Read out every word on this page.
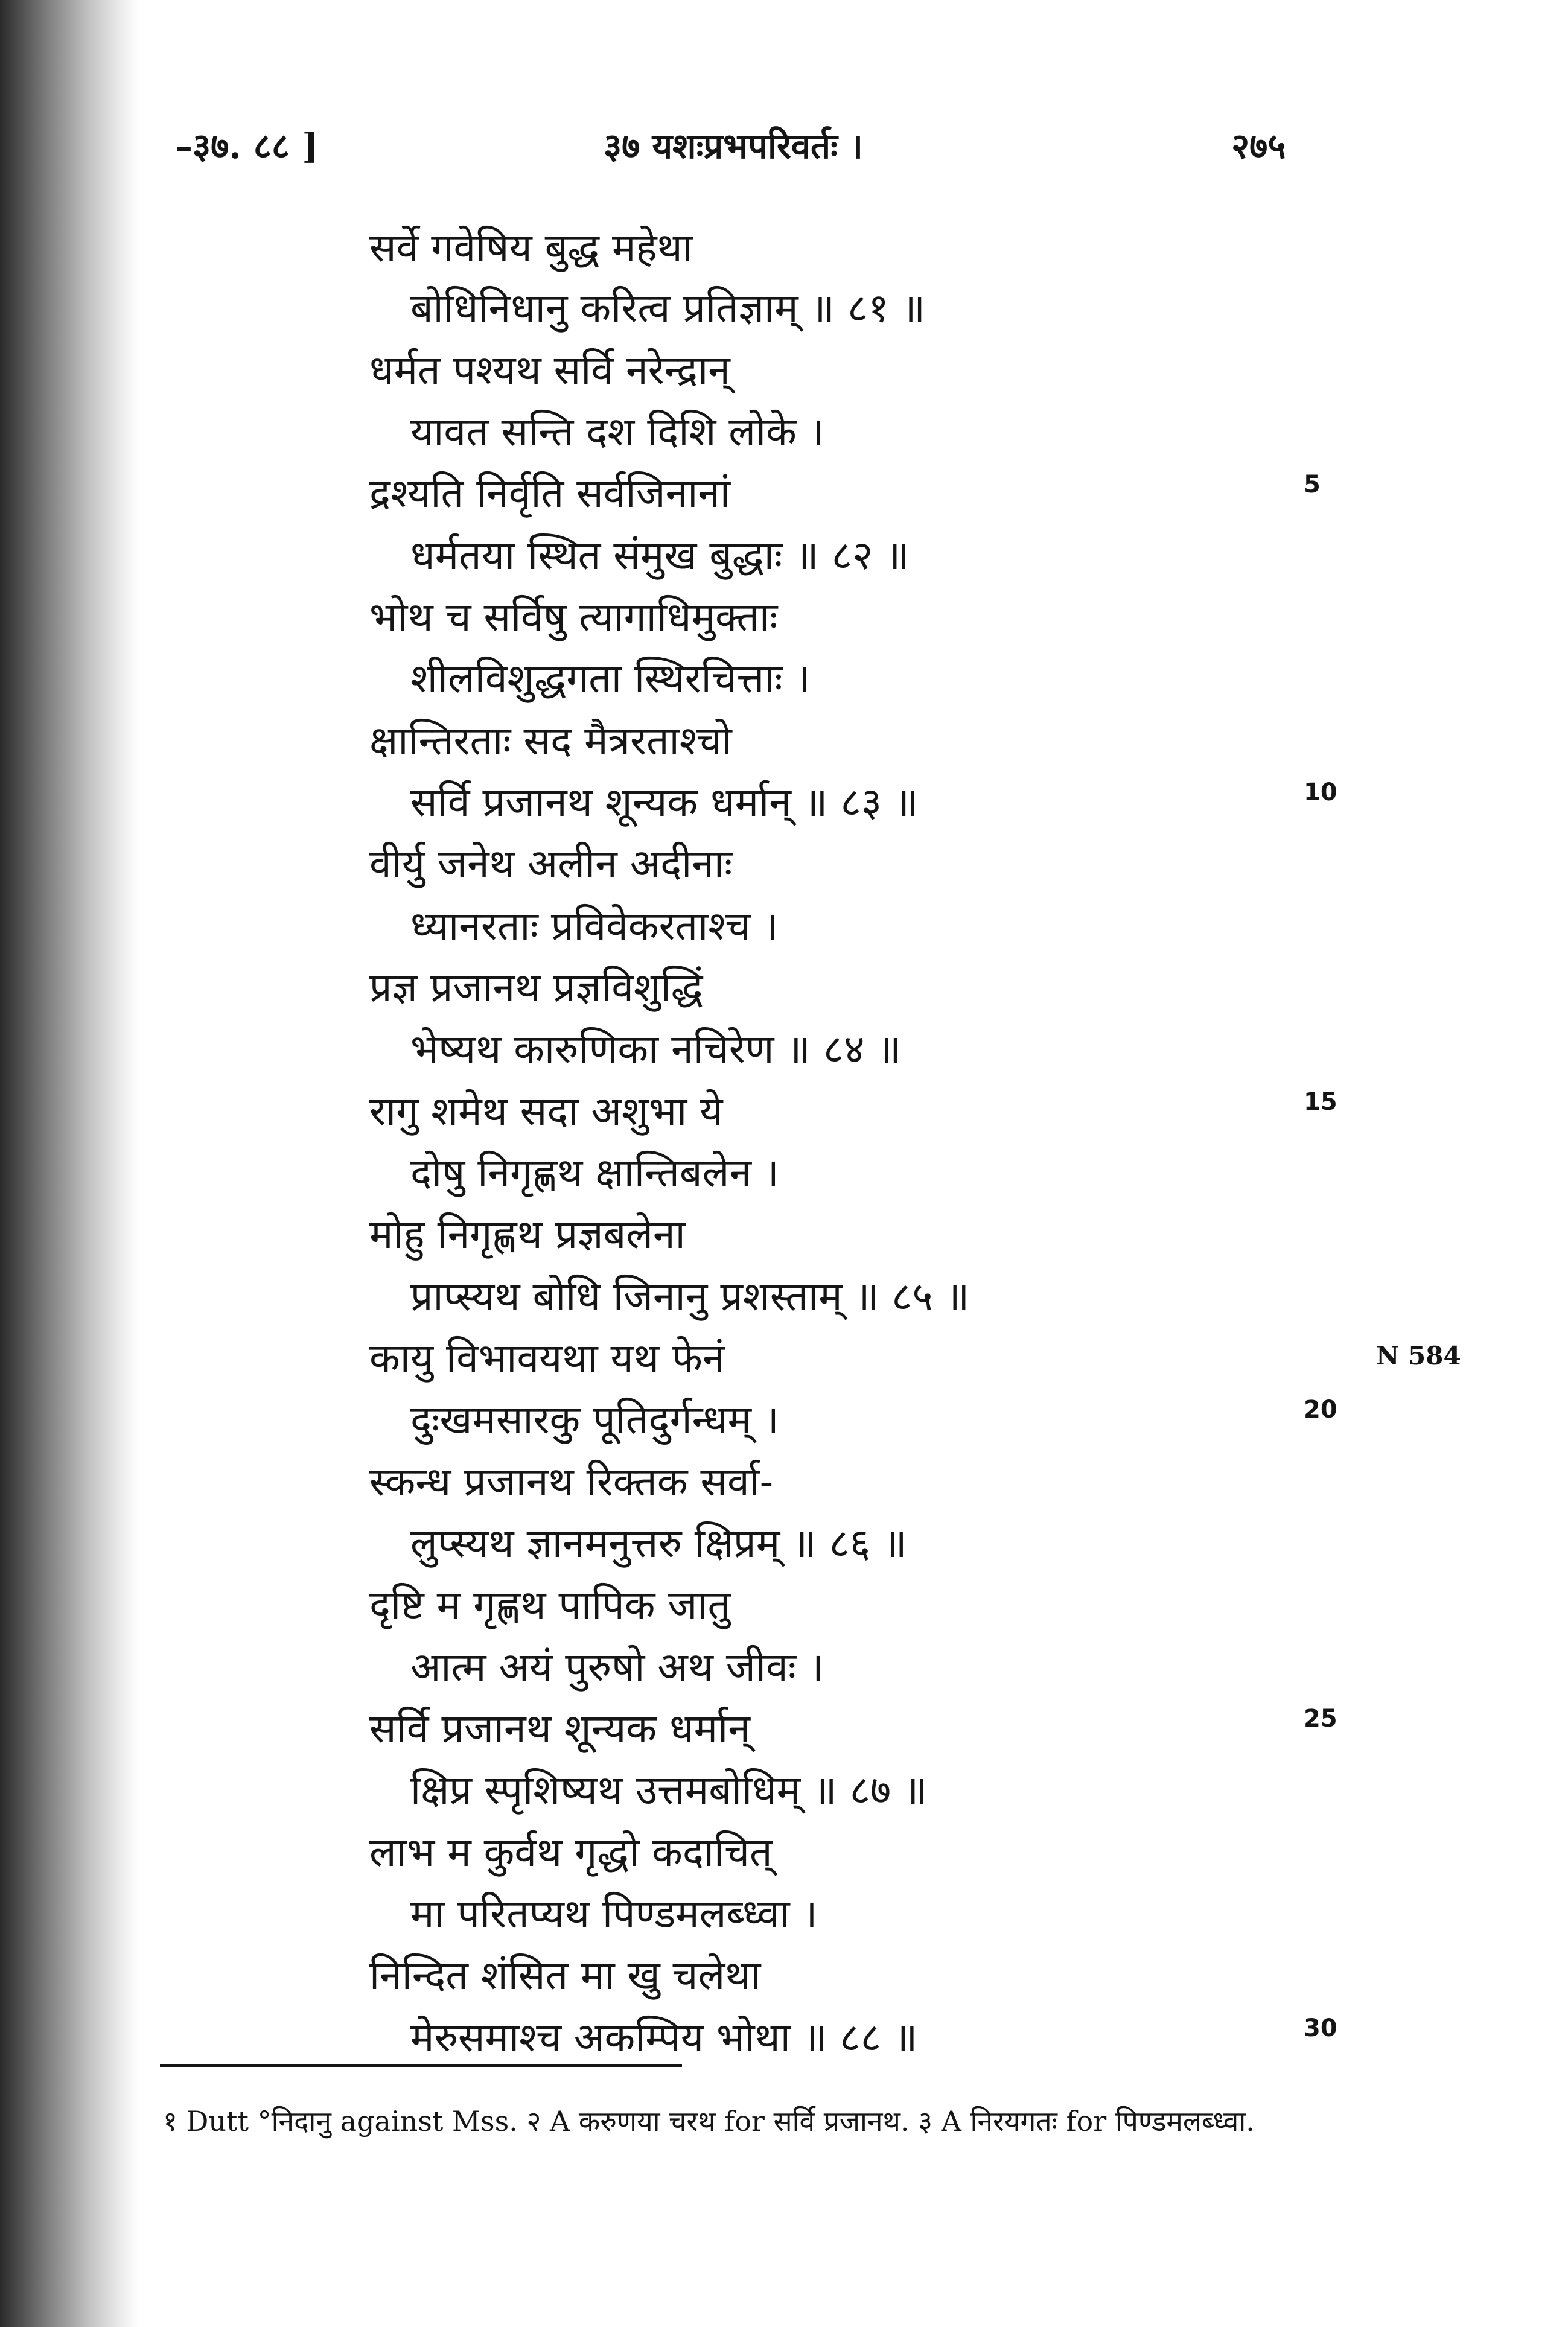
–३७. ८८ ]	३७ यशःप्रभपरिवर्तः ।	२७५
सर्वे गवेषिय बुद्ध महेथा
बोधिनिधानु करित्व प्रतिज्ञाम् ॥ ८१ ॥
धर्मत पश्यथ सर्वि नरेन्द्रान्
यावत सन्ति दश दिशि लोके ।
द्रश्यति निर्वृति सर्वजिनानां
धर्मतया स्थित संमुख बुद्धाः ॥ ८२ ॥
भोथ च सर्विषु त्यागाधिमुक्ताः
शीलविशुद्धगता स्थिरचित्ताः ।
क्षान्तिरताः सद मैत्ररताश्चो
सर्वि प्रजानथ शून्यक धर्मान् ॥ ८३ ॥
वीर्यु जनेथ अलीन अदीनाः
ध्यानरताः प्रविवेकरताश्च ।
प्रज्ञ प्रजानथ प्रज्ञविशुद्धिं
भेष्यथ कारुणिका नचिरेण ॥ ८४ ॥
रागु शमेथ सदा अशुभा ये
दोषु निगृह्णथ क्षान्तिबलेन ।
मोहु निगृह्णथ प्रज्ञबलेना
प्राप्स्यथ बोधि जिनानु प्रशस्ताम् ॥ ८५ ॥
कायु विभावयथा यथ फेनं
दुःखमसारकु पूतिदुर्गन्धम् ।
स्कन्ध प्रजानथ रिक्तक सर्वा-
लुप्स्यथ ज्ञानमनुत्तरु क्षिप्रम् ॥ ८६ ॥
दृष्टि म गृह्णथ पापिक जातु
आत्म अयं पुरुषो अथ जीवः ।
सर्वि प्रजानथ शून्यक धर्मान्
क्षिप्र स्पृशिष्यथ उत्तमबोधिम् ॥ ८७ ॥
लाभ म कुर्वथ गृद्धो कदाचित्
मा परितप्यथ पिण्डमलब्ध्वा ।
निन्दित शंसित मा खु चलेथा
मेरुसमाश्च अकम्पिय भोथा ॥ ८८ ॥
5
10
15
20
25
30
N 584
१ Dutt °निदानु against Mss. २ A करुणया चरथ for सर्वि प्रजानथ. ३ A निरयगतः for पिण्डमलब्ध्वा.
